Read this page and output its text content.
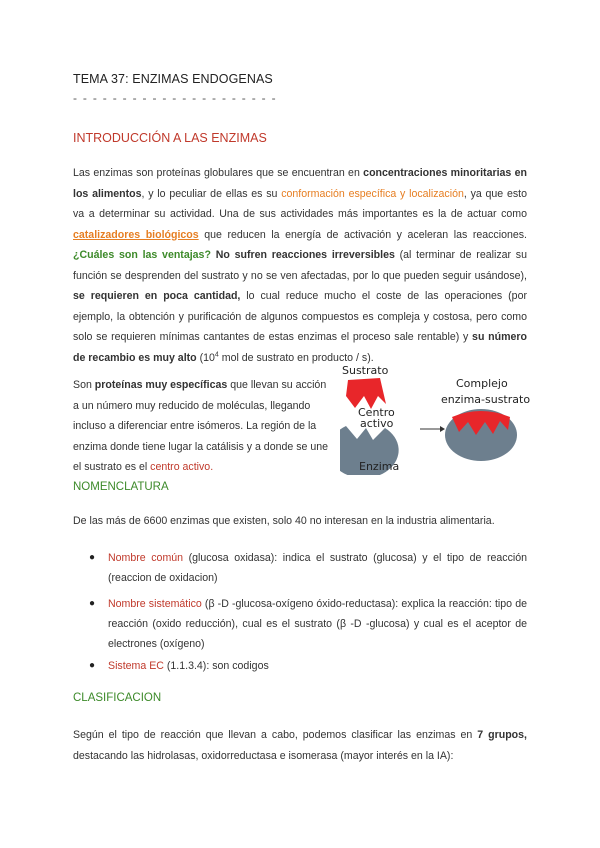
TEMA 37: ENZIMAS ENDOGENAS
- - - - - - - - - - - - - - - - - - - - -
INTRODUCCIÓN A LAS ENZIMAS
Las enzimas son proteínas globulares que se encuentran en concentraciones minoritarias en los alimentos, y lo peculiar de ellas es su conformación específica y localización, ya que esto va a determinar su actividad. Una de sus actividades más importantes es la de actuar como catalizadores biológicos que reducen la energía de activación y aceleran las reacciones. ¿Cuáles son las ventajas? No sufren reacciones irreversibles (al terminar de realizar su función se desprenden del sustrato y no se ven afectadas, por lo que pueden seguir usándose), se requieren en poca cantidad, lo cual reduce mucho el coste de las operaciones (por ejemplo, la obtención y purificación de algunos compuestos es compleja y costosa, pero como solo se requieren mínimas cantantes de estas enzimas el proceso sale rentable) y su número de recambio es muy alto ($10^4$ mol de sustrato en producto / s).
Son proteínas muy específicas que llevan su acción a un número muy reducido de moléculas, llegando incluso a diferenciar entre isómeros. La región de la enzima donde tiene lugar la catálisis y a donde se une el sustrato es el centro activo.
Sustrato
Centro
activo
Enzima
Complejo
enzima-sustrato
NOMENCLATURA
De las más de 6600 enzimas que existen, solo 40 no interesan en la industria alimentaria.
● Nombre común (glucosa oxidasa): indica el sustrato (glucosa) y el tipo de reacción (reaccion de oxidacion)
● Nombre sistemático (β -D -glucosa-oxígeno óxido-reductasa): explica la reacción: tipo de reacción (oxido reducción), cual es el sustrato (β -D -glucosa) y cual es el aceptor de electrones (oxígeno)
● Sistema EC (1.1.3.4): son codigos
CLASIFICACION
Según el tipo de reacción que llevan a cabo, podemos clasificar las enzimas en 7 grupos, destacando las hidrolasas, oxidorreductasa e isomerasa (mayor interés en la IA):
